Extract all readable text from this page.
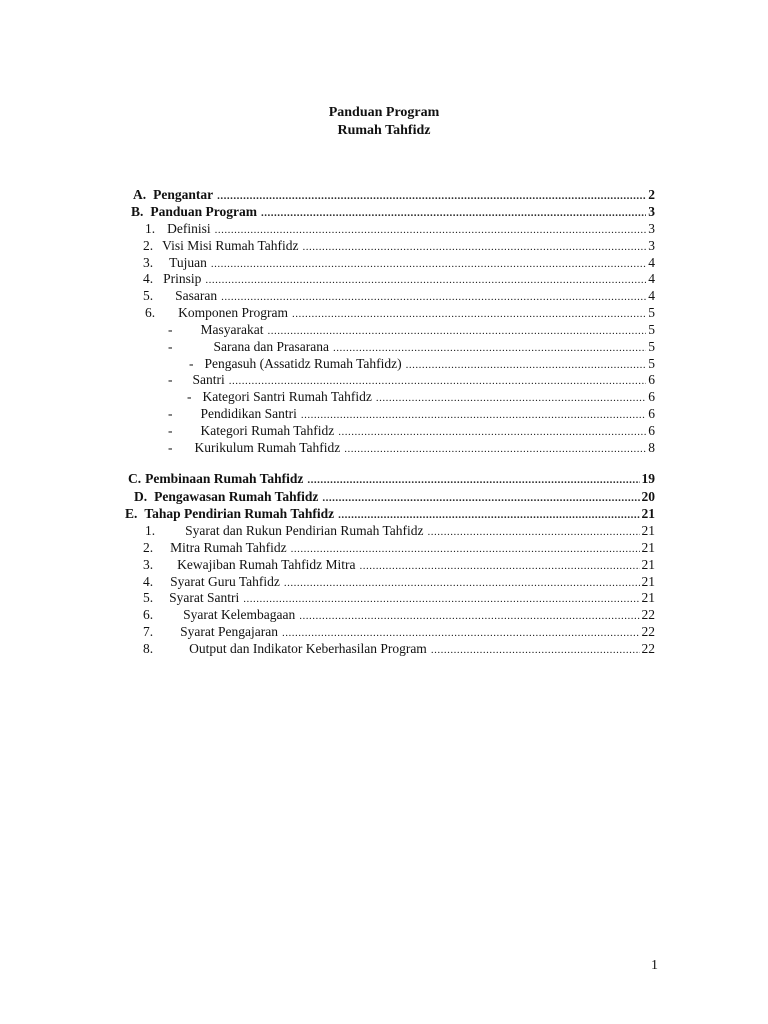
Panduan Program
Rumah Tahfidz
A. Pengantar .....	2
B. Panduan Program .....	3
1. Definisi .....	3
2. Visi Misi Rumah Tahfidz .....	3
3. Tujuan .....	4
4. Prinsip .....	4
5. Sasaran .....	4
6. Komponen Program .....	5
- Masyarakat .....	5
-	Sarana dan Prasarana .....	5
- Pengasuh (Assatidz Rumah Tahfidz) .....	5
- Santri .....	6
- Kategori Santri Rumah Tahfidz .....	6
- Pendidikan Santri .....	6
- Kategori Rumah Tahfidz .....	6
- Kurikulum Rumah Tahfidz .....	8
C. Pembinaan Rumah Tahfidz .....	19
D. Pengawasan Rumah Tahfidz .....	20
E. Tahap Pendirian Rumah Tahfidz .....	21
1. Syarat dan Rukun Pendirian Rumah Tahfidz .....	21
2. Mitra Rumah Tahfidz .....	21
3. Kewajiban Rumah Tahfidz Mitra .....	21
4. Syarat Guru Tahfidz .....	21
5. Syarat Santri .....	21
6. Syarat Kelembagaan .....	22
7. Syarat Pengajaran .....	22
8.	Output dan Indikator Keberhasilan Program .....	22
1
